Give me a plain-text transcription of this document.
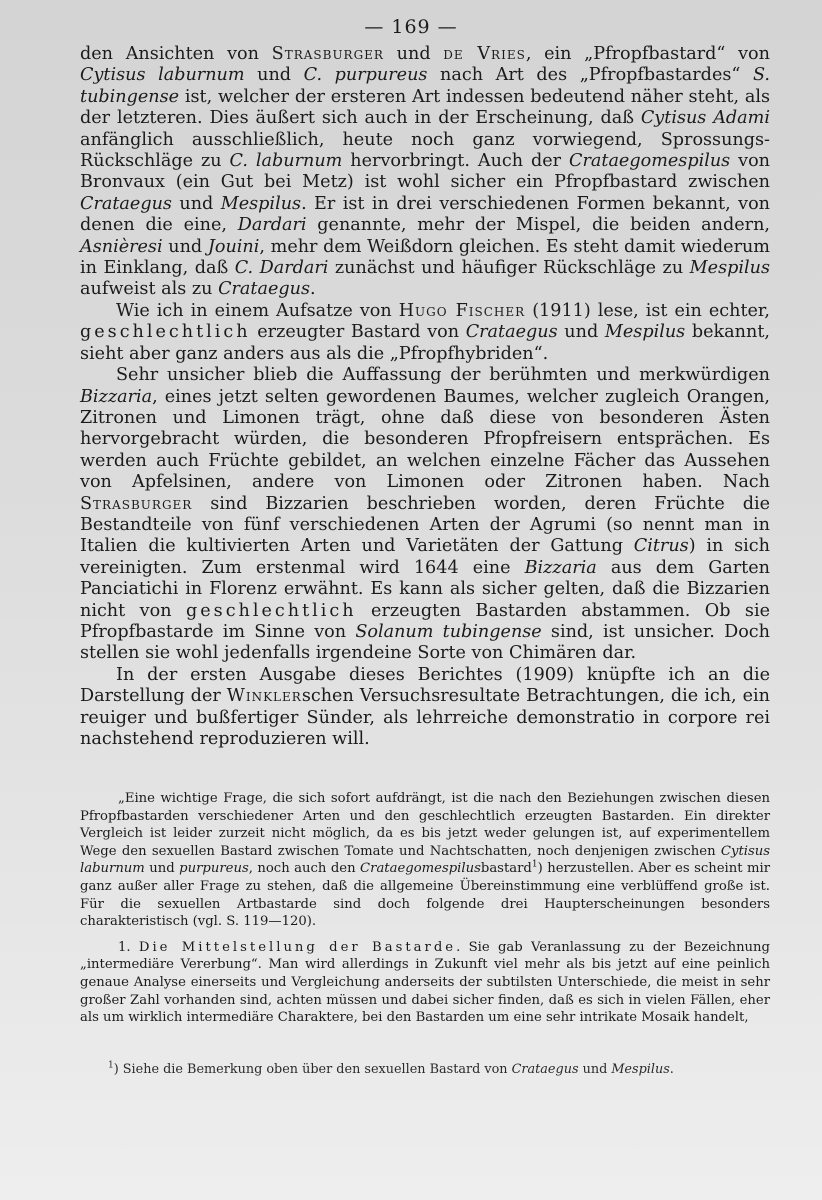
— 169 —

den Ansichten von Strasburger und de Vries, ein „Pfropfbastard“ von Cytisus laburnum und C. purpureus nach Art des „Pfropfbastardes“ S. tubingense ist, welcher der ersteren Art indessen bedeutend näher steht, als der letzteren. Dies äußert sich auch in der Erscheinung, daß Cytisus Adami anfänglich ausschließlich, heute noch ganz vorwiegend, Sprossungs-Rückschläge zu C. laburnum hervorbringt. Auch der Crataegomespilus von Bronvaux (ein Gut bei Metz) ist wohl sicher ein Pfropfbastard zwischen Crataegus und Mespilus. Er ist in drei verschiedenen Formen bekannt, von denen die eine, Dardari genannte, mehr der Mispel, die beiden andern, Asnièresi und Jouini, mehr dem Weißdorn gleichen. Es steht damit wiederum in Einklang, daß C. Dardari zunächst und häufiger Rückschläge zu Mespilus aufweist als zu Crataegus.

Wie ich in einem Aufsatze von Hugo Fischer (1911) lese, ist ein echter, geschlechtlich erzeugter Bastard von Crataegus und Mespilus bekannt, sieht aber ganz anders aus als die „Pfropfhybriden“.

Sehr unsicher blieb die Auffassung der berühmten und merkwürdigen Bizzaria, eines jetzt selten gewordenen Baumes, welcher zugleich Orangen, Zitronen und Limonen trägt, ohne daß diese von besonderen Ästen hervorgebracht würden, die besonderen Pfropfreisern entsprächen. Es werden auch Früchte gebildet, an welchen einzelne Fächer das Aussehen von Apfelsinen, andere von Limonen oder Zitronen haben. Nach Strasburger sind Bizzarien beschrieben worden, deren Früchte die Bestandteile von fünf verschiedenen Arten der Agrumi (so nennt man in Italien die kultivierten Arten und Varietäten der Gattung Citrus) in sich vereinigten. Zum erstenmal wird 1644 eine Bizzaria aus dem Garten Panciatichi in Florenz erwähnt. Es kann als sicher gelten, daß die Bizzarien nicht von geschlechtlich erzeugten Bastarden abstammen. Ob sie Pfropfbastarde im Sinne von Solanum tubingense sind, ist unsicher. Doch stellen sie wohl jedenfalls irgendeine Sorte von Chimären dar.

In der ersten Ausgabe dieses Berichtes (1909) knüpfte ich an die Darstellung der Winklerschen Versuchsresultate Betrachtungen, die ich, ein reuiger und bußfertiger Sünder, als lehrreiche demonstratio in corpore rei nachstehend reproduzieren will.

„Eine wichtige Frage, die sich sofort aufdrängt, ist die nach den Beziehungen zwischen diesen Pfropfbastarden verschiedener Arten und den geschlechtlich erzeugten Bastarden. Ein direkter Vergleich ist leider zurzeit nicht möglich, da es bis jetzt weder gelungen ist, auf experimentellem Wege den sexuellen Bastard zwischen Tomate und Nachtschatten, noch denjenigen zwischen Cytisus laburnum und purpureus, noch auch den Crataegomespilusbastard$^1$) herzustellen. Aber es scheint mir ganz außer aller Frage zu stehen, daß die allgemeine Übereinstimmung eine verblüffend große ist. Für die sexuellen Artbastarde sind doch folgende drei Haupterscheinungen besonders charakteristisch (vgl. S. 119—120).

1. Die Mittelstellung der Bastarde. Sie gab Veranlassung zu der Bezeichnung „intermediäre Vererbung“. Man wird allerdings in Zukunft viel mehr als bis jetzt auf eine peinlich genaue Analyse einerseits und Vergleichung anderseits der subtilsten Unterschiede, die meist in sehr großer Zahl vorhanden sind, achten müssen und dabei sicher finden, daß es sich in vielen Fällen, eher als um wirklich intermediäre Charaktere, bei den Bastarden um eine sehr intrikate Mosaik handelt,

$^1$) Siehe die Bemerkung oben über den sexuellen Bastard von Crataegus und Mespilus.
